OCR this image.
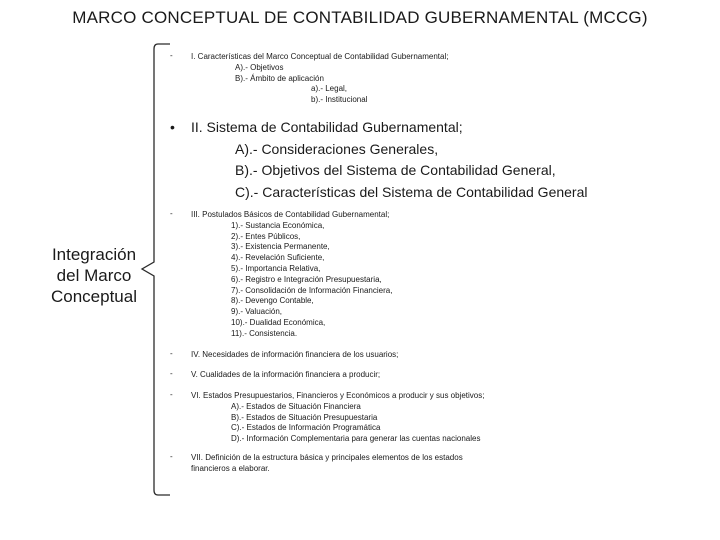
MARCO CONCEPTUAL DE CONTABILIDAD GUBERNAMENTAL (MCCG)
Integración
del Marco
Conceptual
- I. Características del Marco Conceptual de Contabilidad Gubernamental;
A).- Objetivos
B).- Ámbito de aplicación
a).- Legal,
b).- Institucional
• II. Sistema de Contabilidad Gubernamental;
A).- Consideraciones Generales,
B).- Objetivos del Sistema de Contabilidad General,
C).- Características del Sistema de Contabilidad General
- III. Postulados Básicos de Contabilidad Gubernamental;
1).- Sustancia Económica,
2).- Entes Públicos,
3).- Existencia Permanente,
4).- Revelación Suficiente,
5).- Importancia Relativa,
6).- Registro e Integración Presupuestaria,
7).- Consolidación de Información Financiera,
8).- Devengo Contable,
9).- Valuación,
10).- Dualidad Económica,
11).- Consistencia.
- IV. Necesidades de información financiera de los usuarios;
- V. Cualidades de la información financiera a producir;
- VI. Estados Presupuestarios, Financieros y Económicos a producir y sus objetivos;
A).- Estados de Situación Financiera
B).- Estados de Situación Presupuestaria
C).- Estados de Información Programática
D).- Información Complementaria para generar las cuentas nacionales
- VII. Definición de la estructura básica y principales elementos de los estados
financieros a elaborar.
